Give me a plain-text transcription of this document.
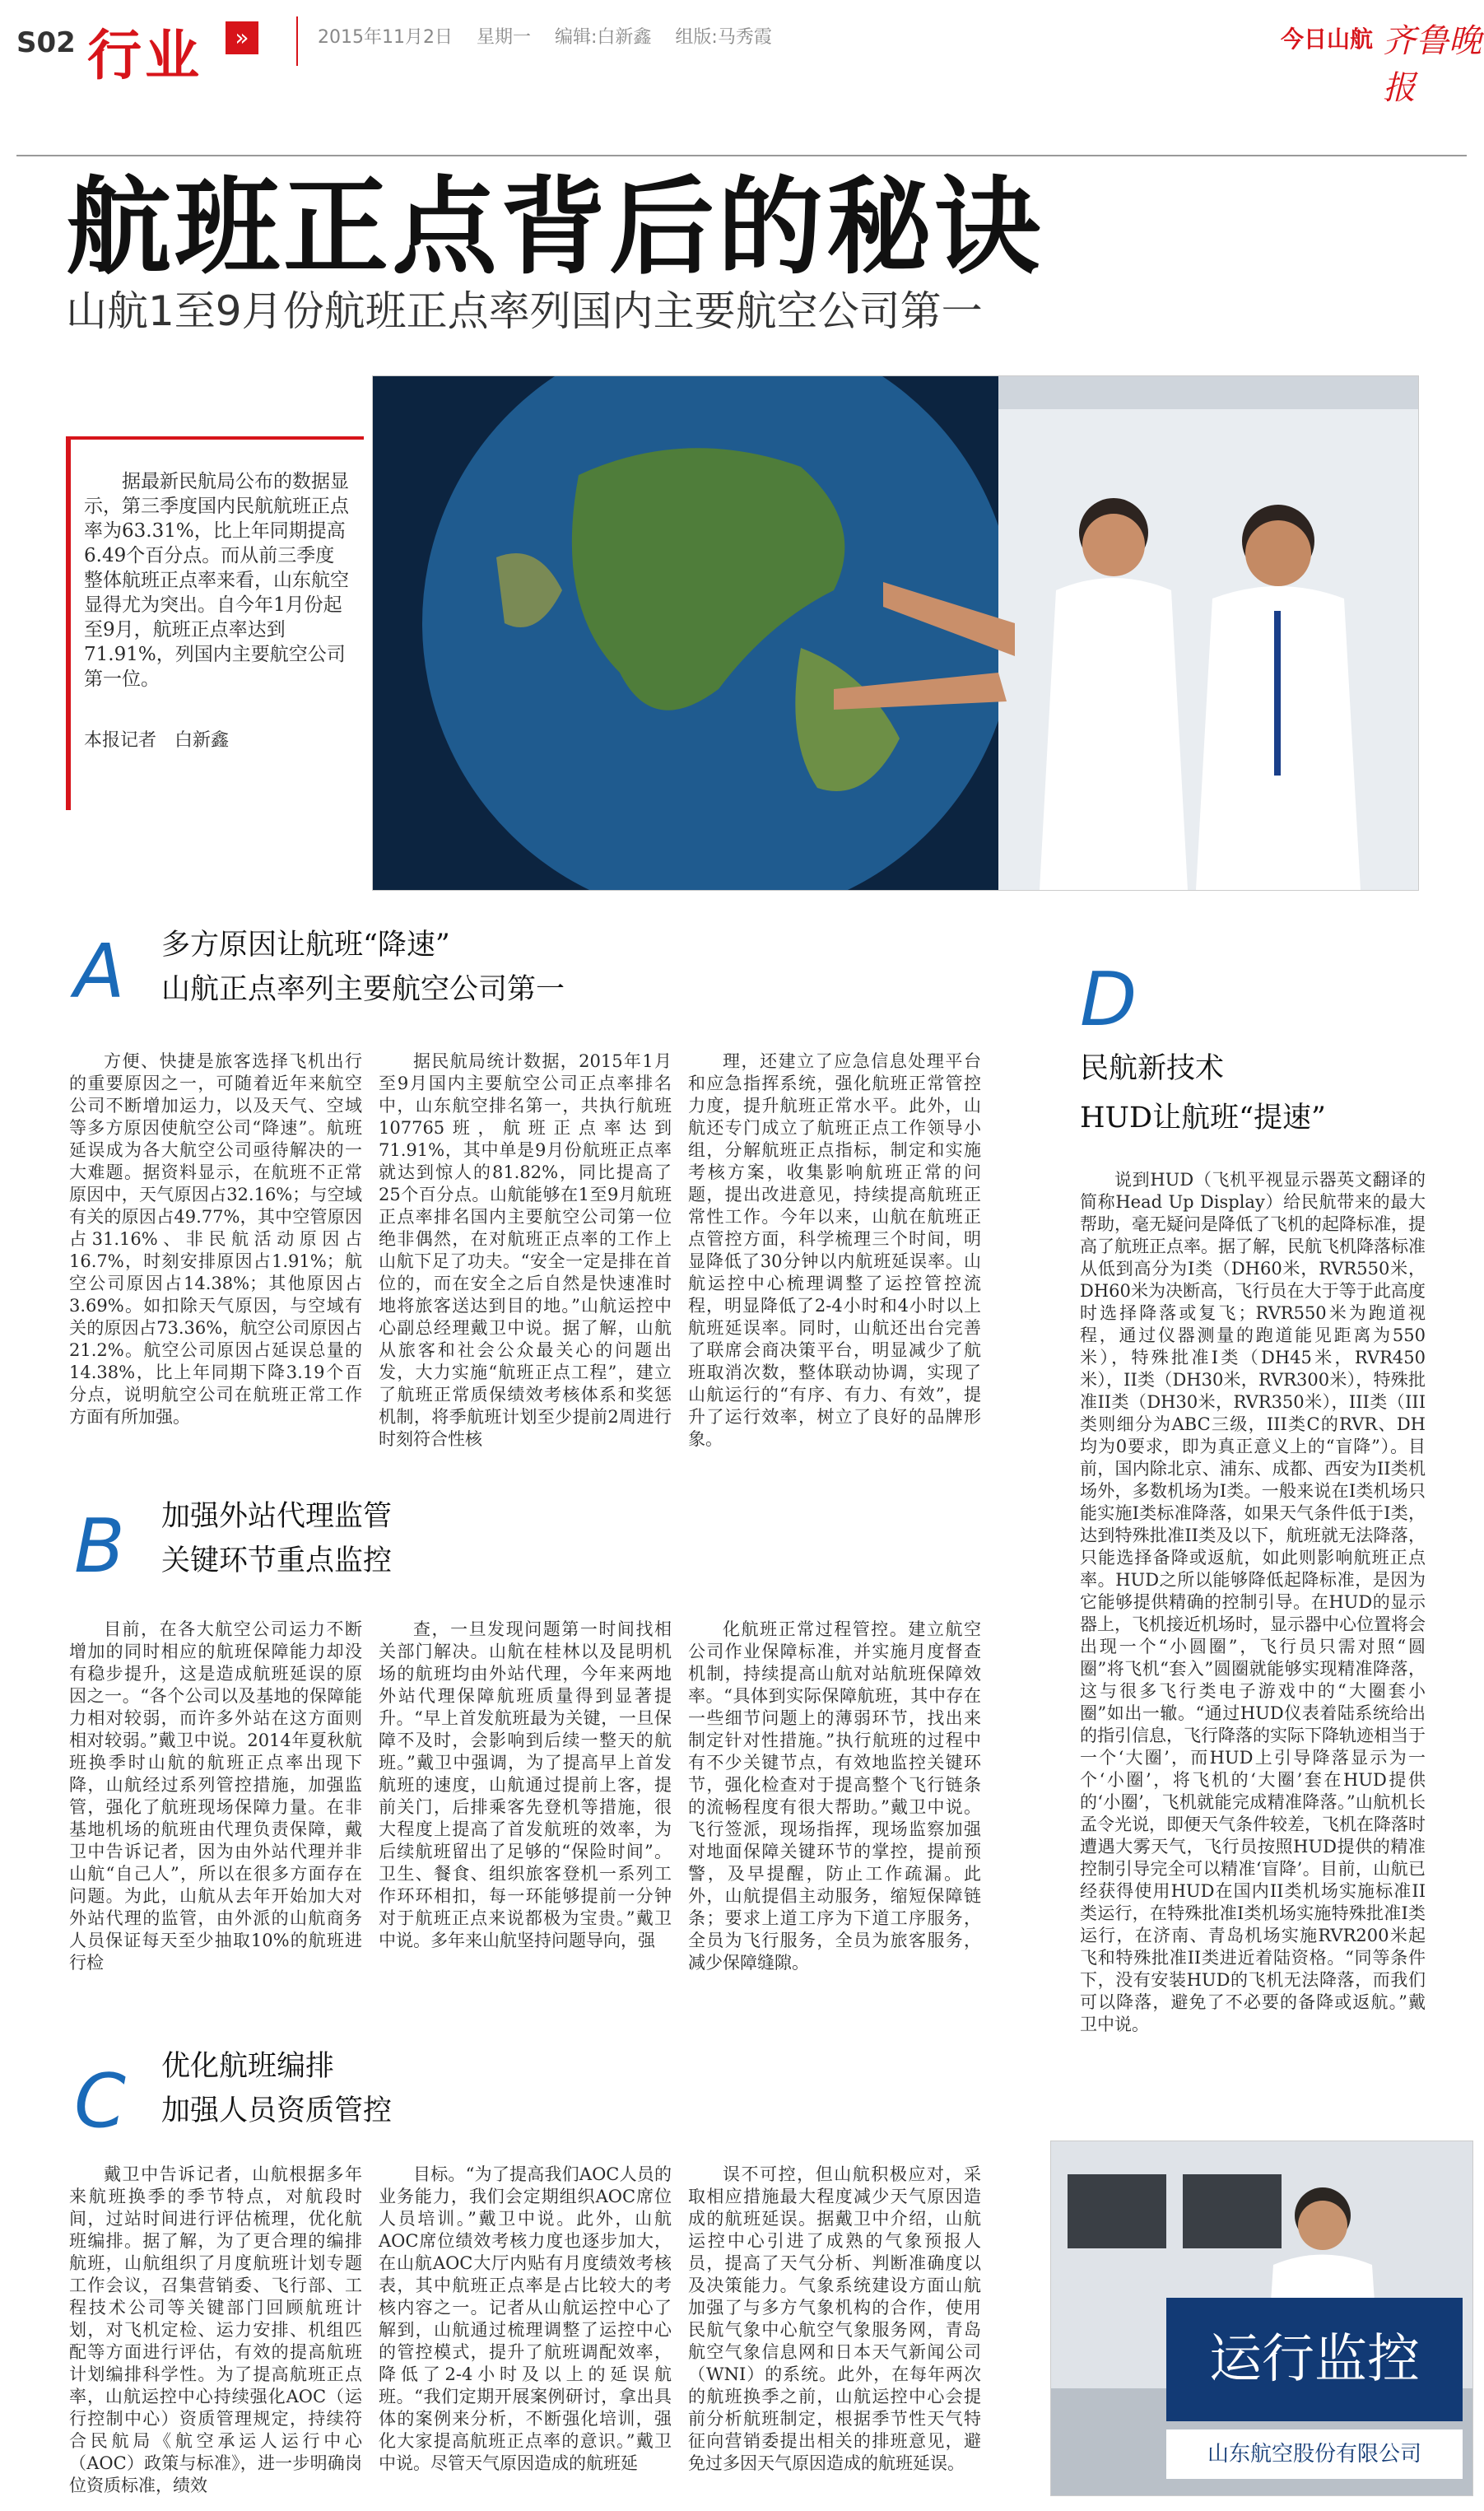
S02 行业	»	2015年11月2日 星期一 编辑:白新鑫 组版:马秀霞	今日山航 齐鲁晚报
航班正点背后的秘诀
山航1至9月份航班正点率列国内主要航空公司第一
据最新民航局公布的数据显示，第三季度国内民航航班正点率为63.31%，比上年同期提高6.49个百分点。而从前三季度整体航班正点率来看，山东航空显得尤为突出。自今年1月份起至9月，航班正点率达到71.91%，列国内主要航空公司第一位。
本报记者　白新鑫
A 多方原因让航班“降速”
山航正点率列主要航空公司第一

方便、快捷是旅客选择飞机出行的重要原因之一，可随着近年来航空公司不断增加运力，以及天气、空域等多方原因使航空公司“降速”。航班延误成为各大航空公司亟待解决的一大难题。据资料显示，在航班不正常原因中，天气原因占32.16%；与空域有关的原因占49.77%，其中空管原因占31.16%、非民航活动原因占16.7%，时刻安排原因占1.91%；航空公司原因占14.38%；其他原因占3.69%。如扣除天气原因，与空域有关的原因占73.36%，航空公司原因占21.2%。航空公司原因占延误总量的14.38%，比上年同期下降3.19个百分点，说明航空公司在航班正常工作方面有所加强。

据民航局统计数据，2015年1月至9月国内主要航空公司正点率排名中，山东航空排名第一，共执行航班107765班，航班正点率达到71.91%，其中单是9月份航班正点率就达到惊人的81.82%，同比提高了25个百分点。山航能够在1至9月航班正点率排名国内主要航空公司第一位绝非偶然，在对航班正点率的工作上山航下足了功夫。“安全一定是排在首位的，而在安全之后自然是快速准时地将旅客送达到目的地。”山航运控中心副总经理戴卫中说。据了解，山航从旅客和社会公众最关心的问题出发，大力实施“航班正点工程”，建立了航班正常质保绩效考核体系和奖惩机制，将季航班计划至少提前2周进行时刻符合性核

理，还建立了应急信息处理平台和应急指挥系统，强化航班正常管控力度，提升航班正常水平。此外，山航还专门成立了航班正点工作领导小组，分解航班正点指标，制定和实施考核方案，收集影响航班正常的问题，提出改进意见，持续提高航班正常性工作。今年以来，山航在航班正点管控方面，科学梳理三个时间，明显降低了30分钟以内航班延误率。山航运控中心梳理调整了运控管控流程，明显降低了2-4小时和4小时以上航班延误率。同时，山航还出台完善了联席会商决策平台，明显减少了航班取消次数，整体联动协调，实现了山航运行的“有序、有力、有效”，提升了运行效率，树立了良好的品牌形象。

B 加强外站代理监管
关键环节重点监控

目前，在各大航空公司运力不断增加的同时相应的航班保障能力却没有稳步提升，这是造成航班延误的原因之一。“各个公司以及基地的保障能力相对较弱，而许多外站在这方面则相对较弱。”戴卫中说。2014年夏秋航班换季时山航的航班正点率出现下降，山航经过系列管控措施，加强监管，强化了航班现场保障力量。在非基地机场的航班由代理负责保障，戴卫中告诉记者，因为由外站代理并非山航“自己人”，所以在很多方面存在问题。为此，山航从去年开始加大对外站代理的监管，由外派的山航商务人员保证每天至少抽取10%的航班进行检

查，一旦发现问题第一时间找相关部门解决。山航在桂林以及昆明机场的航班均由外站代理，今年来两地外站代理保障航班质量得到显著提升。“早上首发航班最为关键，一旦保障不及时，会影响到后续一整天的航班。”戴卫中强调，为了提高早上首发航班的速度，山航通过提前上客，提前关门，后排乘客先登机等措施，很大程度上提高了首发航班的效率，为后续航班留出了足够的“保险时间”。卫生、餐食、组织旅客登机一系列工作环环相扣，每一环能够提前一分钟对于航班正点来说都极为宝贵。”戴卫中说。多年来山航坚持问题导向，强

化航班正常过程管控。建立航空公司作业保障标准，并实施月度督查机制，持续提高山航对站航班保障效率。“具体到实际保障航班，其中存在一些细节问题上的薄弱环节，找出来制定针对性措施。”执行航班的过程中有不少关键节点，有效地监控关键环节，强化检查对于提高整个飞行链条的流畅程度有很大帮助。”戴卫中说。飞行签派，现场指挥，现场监察加强对地面保障关键环节的掌控，提前预警，及早提醒，防止工作疏漏。此外，山航提倡主动服务，缩短保障链条；要求上道工序为下道工序服务，全员为飞行服务，全员为旅客服务，减少保障缝隙。

C 优化航班编排
加强人员资质管控

戴卫中告诉记者，山航根据多年来航班换季的季节特点，对航段时间，过站时间进行评估梳理，优化航班编排。据了解，为了更合理的编排航班，山航组织了月度航班计划专题工作会议，召集营销委、飞行部、工程技术公司等关键部门回顾航班计划，对飞机定检、运力安排、机组匹配等方面进行评估，有效的提高航班计划编排科学性。为了提高航班正点率，山航运控中心持续强化AOC（运行控制中心）资质管理规定，持续符合民航局《航空承运人运行中心（AOC）政策与标准》，进一步明确岗位资质标准，绩效

目标。“为了提高我们AOC人员的业务能力，我们会定期组织AOC席位人员培训。”戴卫中说。此外，山航AOC席位绩效考核力度也逐步加大，在山航AOC大厅内贴有月度绩效考核表，其中航班正点率是占比较大的考核内容之一。记者从山航运控中心了解到，山航通过梳理调整了运控中心的管控模式，提升了航班调配效率，降低了2-4小时及以上的延误航班。“我们定期开展案例研讨，拿出具体的案例来分析，不断强化培训，强化大家提高航班正点率的意识。”戴卫中说。尽管天气原因造成的航班延

误不可控，但山航积极应对，采取相应措施最大程度减少天气原因造成的航班延误。据戴卫中介绍，山航运控中心引进了成熟的气象预报人员，提高了天气分析、判断准确度以及决策能力。气象系统建设方面山航加强了与多方气象机构的合作，使用民航气象中心航空气象服务网，青岛航空气象信息网和日本天气新闻公司（WNI）的系统。此外，在每年两次的航班换季之前，山航运控中心会提前分析航班制定，根据季节性天气特征向营销委提出相关的排班意见，避免过多因天气原因造成的航班延误。

D
民航新技术
HUD让航班“提速”

说到HUD（飞机平视显示器英文翻译的简称Head Up Display）给民航带来的最大帮助，毫无疑问是降低了飞机的起降标准，提高了航班正点率。据了解，民航飞机降落标准从低到高分为I类（DH60米，RVR550米，DH60米为决断高，飞行员在大于等于此高度时选择降落或复飞；RVR550米为跑道视程，通过仪器测量的跑道能见距离为550米），特殊批准I类（DH45米，RVR450米），II类（DH30米，RVR300米），特殊批准II类（DH30米，RVR350米），III类（III类则细分为ABC三级，III类C的RVR、DH均为0要求，即为真正意义上的“盲降”）。目前，国内除北京、浦东、成都、西安为II类机场外，多数机场为I类。一般来说在I类机场只能实施I类标准降落，如果天气条件低于I类，达到特殊批准II类及以下，航班就无法降落，只能选择备降或返航，如此则影响航班正点率。HUD之所以能够降低起降标准，是因为它能够提供精确的控制引导。在HUD的显示器上，飞机接近机场时，显示器中心位置将会出现一个“小圆圈”，飞行员只需对照“圆圈”将飞机“套入”圆圈就能够实现精准降落，这与很多飞行类电子游戏中的“大圈套小圈”如出一辙。“通过HUD仪表着陆系统给出的指引信息，飞行降落的实际下降轨迹相当于一个‘大圈’，而HUD上引导降落显示为一个‘小圈’，将飞机的‘大圈’套在HUD提供的‘小圈’，飞机就能完成精准降落。”山航机长孟令光说，即便天气条件较差，飞机在降落时遭遇大雾天气，飞行员按照HUD提供的精准控制引导完全可以精准‘盲降’。目前，山航已经获得使用HUD在国内II类机场实施标准II类运行，在特殊批准I类机场实施特殊批准I类运行，在济南、青岛机场实施RVR200米起飞和特殊批准II类进近着陆资格。“同等条件下，没有安装HUD的飞机无法降落，而我们可以降落，避免了不必要的备降或返航。”戴卫中说。

运行监控
山东航空股份有限公司
